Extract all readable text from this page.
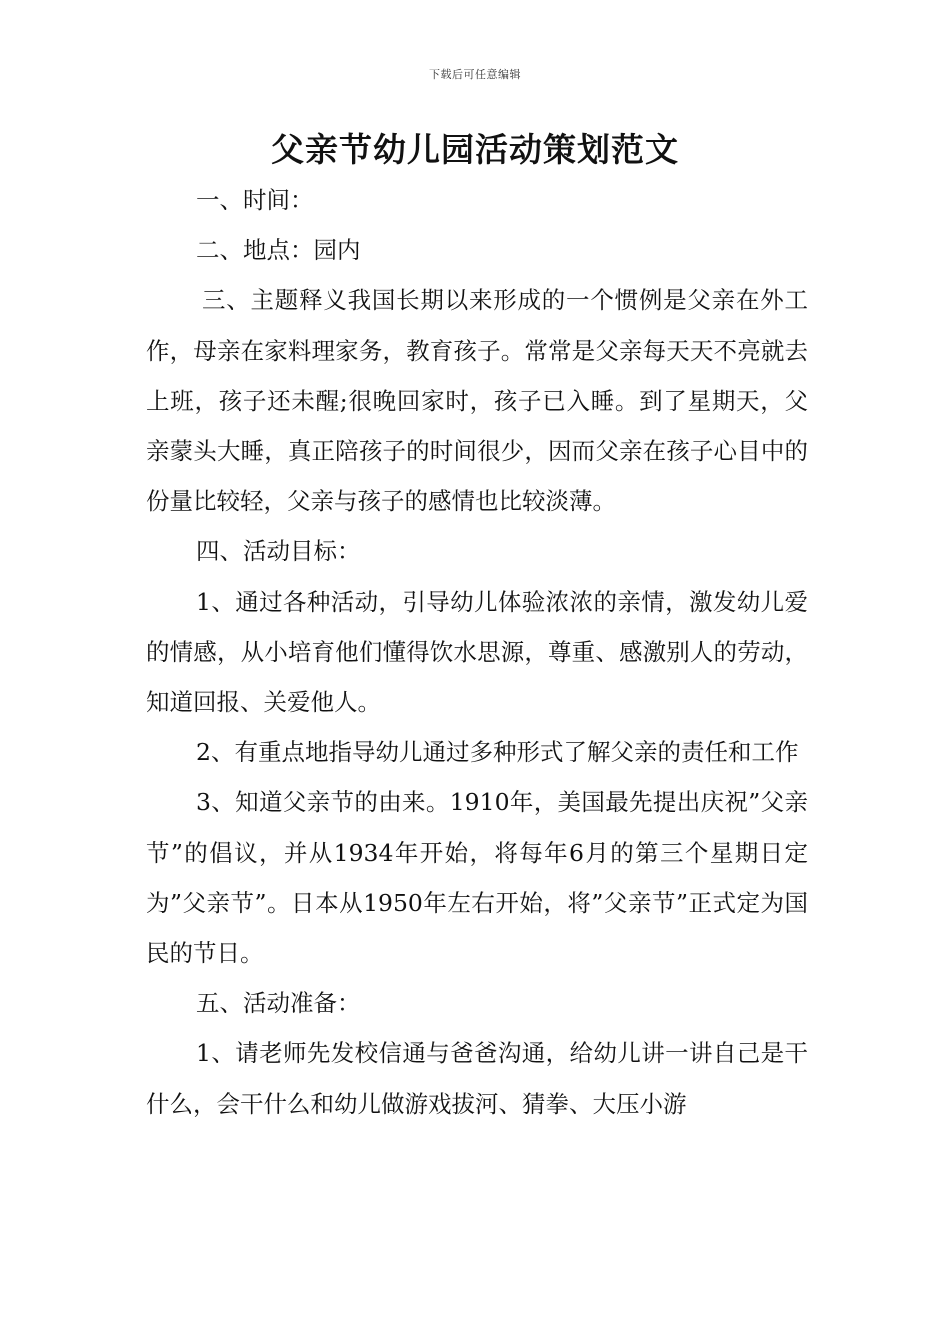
下载后可任意编辑
父亲节幼儿园活动策划范文

一、时间：

二、地点：园内

三、主题释义我国长期以来形成的一个惯例是父亲在外工作，母亲在家料理家务，教育孩子。常常是父亲每天天不亮就去上班，孩子还未醒;很晚回家时，孩子已入睡。到了星期天，父亲蒙头大睡，真正陪孩子的时间很少，因而父亲在孩子心目中的份量比较轻，父亲与孩子的感情也比较淡薄。

四、活动目标：

1、通过各种活动，引导幼儿体验浓浓的亲情，激发幼儿爱的情感，从小培育他们懂得饮水思源，尊重、感激别人的劳动，知道回报、关爱他人。

2、有重点地指导幼儿通过多种形式了解父亲的责任和工作

3、知道父亲节的由来。1910年，美国最先提出庆祝”父亲节”的倡议，并从1934年开始，将每年6月的第三个星期日定为”父亲节”。日本从1950年左右开始，将”父亲节”正式定为国民的节日。

五、活动准备：

1、请老师先发校信通与爸爸沟通，给幼儿讲一讲自己是干什么，会干什么和幼儿做游戏拔河、猜拳、大压小游
